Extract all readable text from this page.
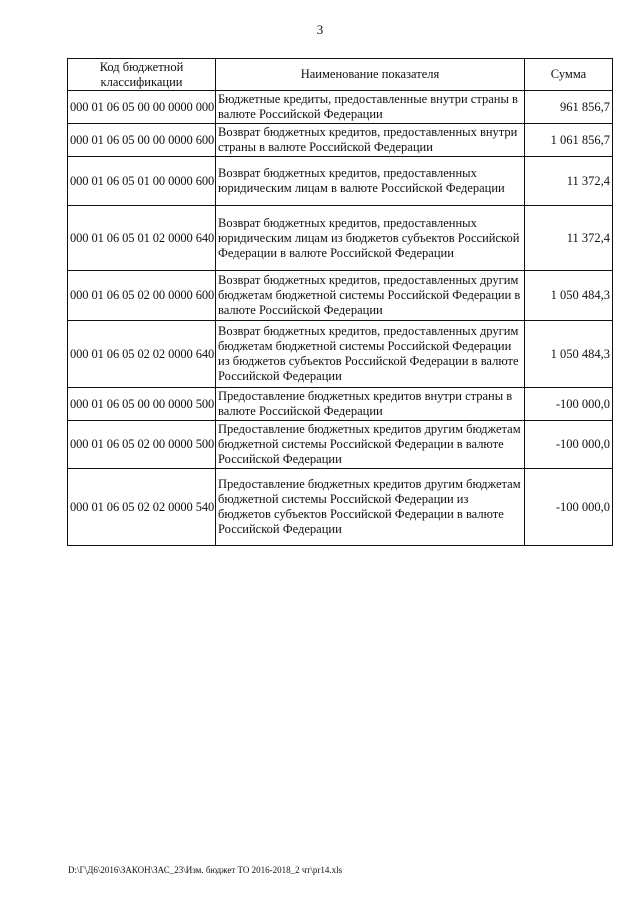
3
Код бюджетной классификации	Наименование показателя	Сумма
000 01 06 05 00 00 0000 000	Бюджетные кредиты, предоставленные внутри страны в валюте Российской Федерации	961 856,7
000 01 06 05 00 00 0000 600	Возврат бюджетных кредитов, предоставленных внутри страны в валюте Российской Федерации	1 061 856,7
000 01 06 05 01 00 0000 600	Возврат бюджетных кредитов, предоставленных юридическим лицам в валюте Российской Федерации	11 372,4
000 01 06 05 01 02 0000 640	Возврат бюджетных кредитов, предоставленных юридическим лицам из бюджетов субъектов Российской Федерации в валюте Российской Федерации	11 372,4
000 01 06 05 02 00 0000 600	Возврат бюджетных кредитов, предоставленных другим бюджетам бюджетной системы Российской Федерации в валюте Российской Федерации	1 050 484,3
000 01 06 05 02 02 0000 640	Возврат бюджетных кредитов, предоставленных другим бюджетам бюджетной системы Российской Федерации из бюджетов субъектов Российской Федерации в валюте Российской Федерации	1 050 484,3
000 01 06 05 00 00 0000 500	Предоставление бюджетных кредитов внутри страны в валюте Российской Федерации	-100 000,0
000 01 06 05 02 00 0000 500	Предоставление бюджетных кредитов другим бюджетам бюджетной системы Российской Федерации в валюте Российской Федерации	-100 000,0
000 01 06 05 02 02 0000 540	Предоставление бюджетных кредитов другим бюджетам бюджетной системы Российской Федерации из бюджетов субъектов Российской Федерации в валюте Российской Федерации	-100 000,0
D:\Г\Д6\2016\ЗАКОН\ЗАС_23\Изм. бюджет ТО 2016-2018_2 чт\pr14.xls
